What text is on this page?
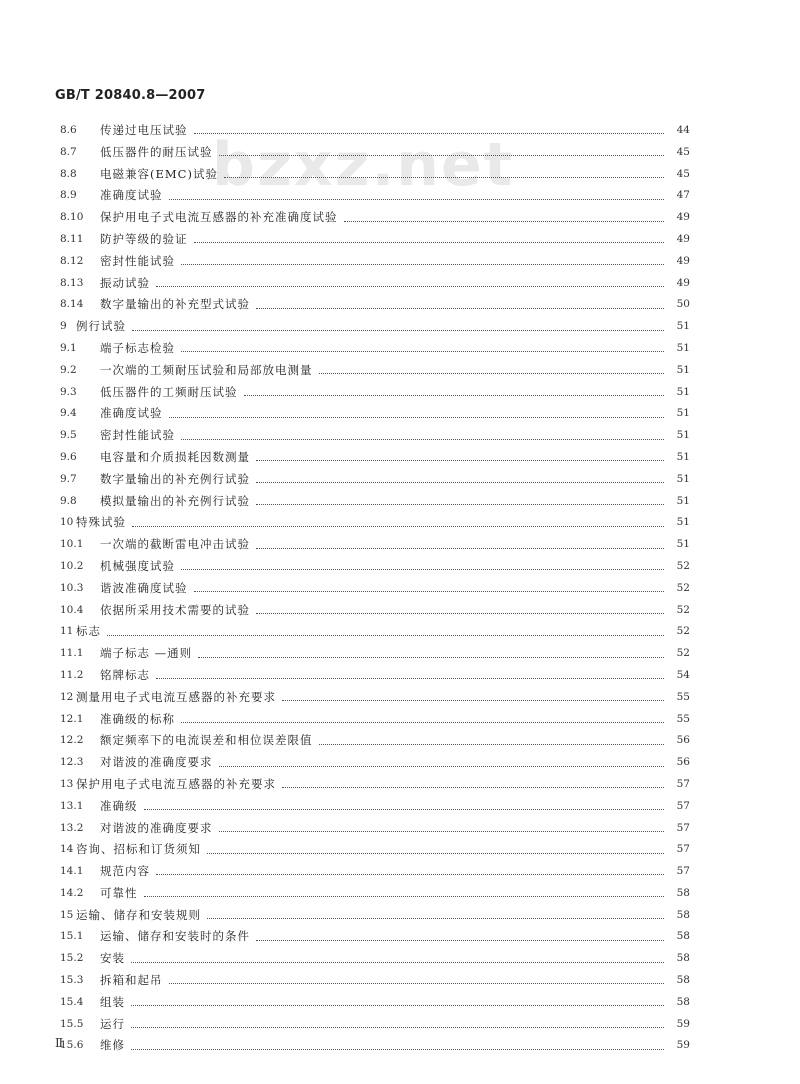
GB/T 20840.8—2007
bzxz.net
8.6	传递过电压试验	44
8.7	低压器件的耐压试验	45
8.8	电磁兼容(EMC)试验	45
8.9	准确度试验	47
8.10	保护用电子式电流互感器的补充准确度试验	49
8.11	防护等级的验证	49
8.12	密封性能试验	49
8.13	振动试验	49
8.14	数字量输出的补充型式试验	50
9 例行试验	51
9.1	端子标志检验	51
9.2	一次端的工频耐压试验和局部放电测量	51
9.3	低压器件的工频耐压试验	51
9.4	准确度试验	51
9.5	密封性能试验	51
9.6	电容量和介质损耗因数测量	51
9.7	数字量输出的补充例行试验	51
9.8	模拟量输出的补充例行试验	51
10 特殊试验	51
10.1	一次端的截断雷电冲击试验	51
10.2	机械强度试验	52
10.3	谐波准确度试验	52
10.4	依据所采用技术需要的试验	52
11 标志	52
11.1	端子标志 —通则	52
11.2	铭牌标志	54
12 测量用电子式电流互感器的补充要求	55
12.1	准确级的标称	55
12.2	额定频率下的电流误差和相位误差限值	56
12.3	对谐波的准确度要求	56
13 保护用电子式电流互感器的补充要求	57
13.1	准确级	57
13.2	对谐波的准确度要求	57
14 咨询、招标和订货须知	57
14.1	规范内容	57
14.2	可靠性	58
15 运输、储存和安装规则	58
15.1	运输、储存和安装时的条件	58
15.2	安装	58
15.3	拆箱和起吊	58
15.4	组装	58
15.5	运行	59
15.6	维修	59
Ⅱ
